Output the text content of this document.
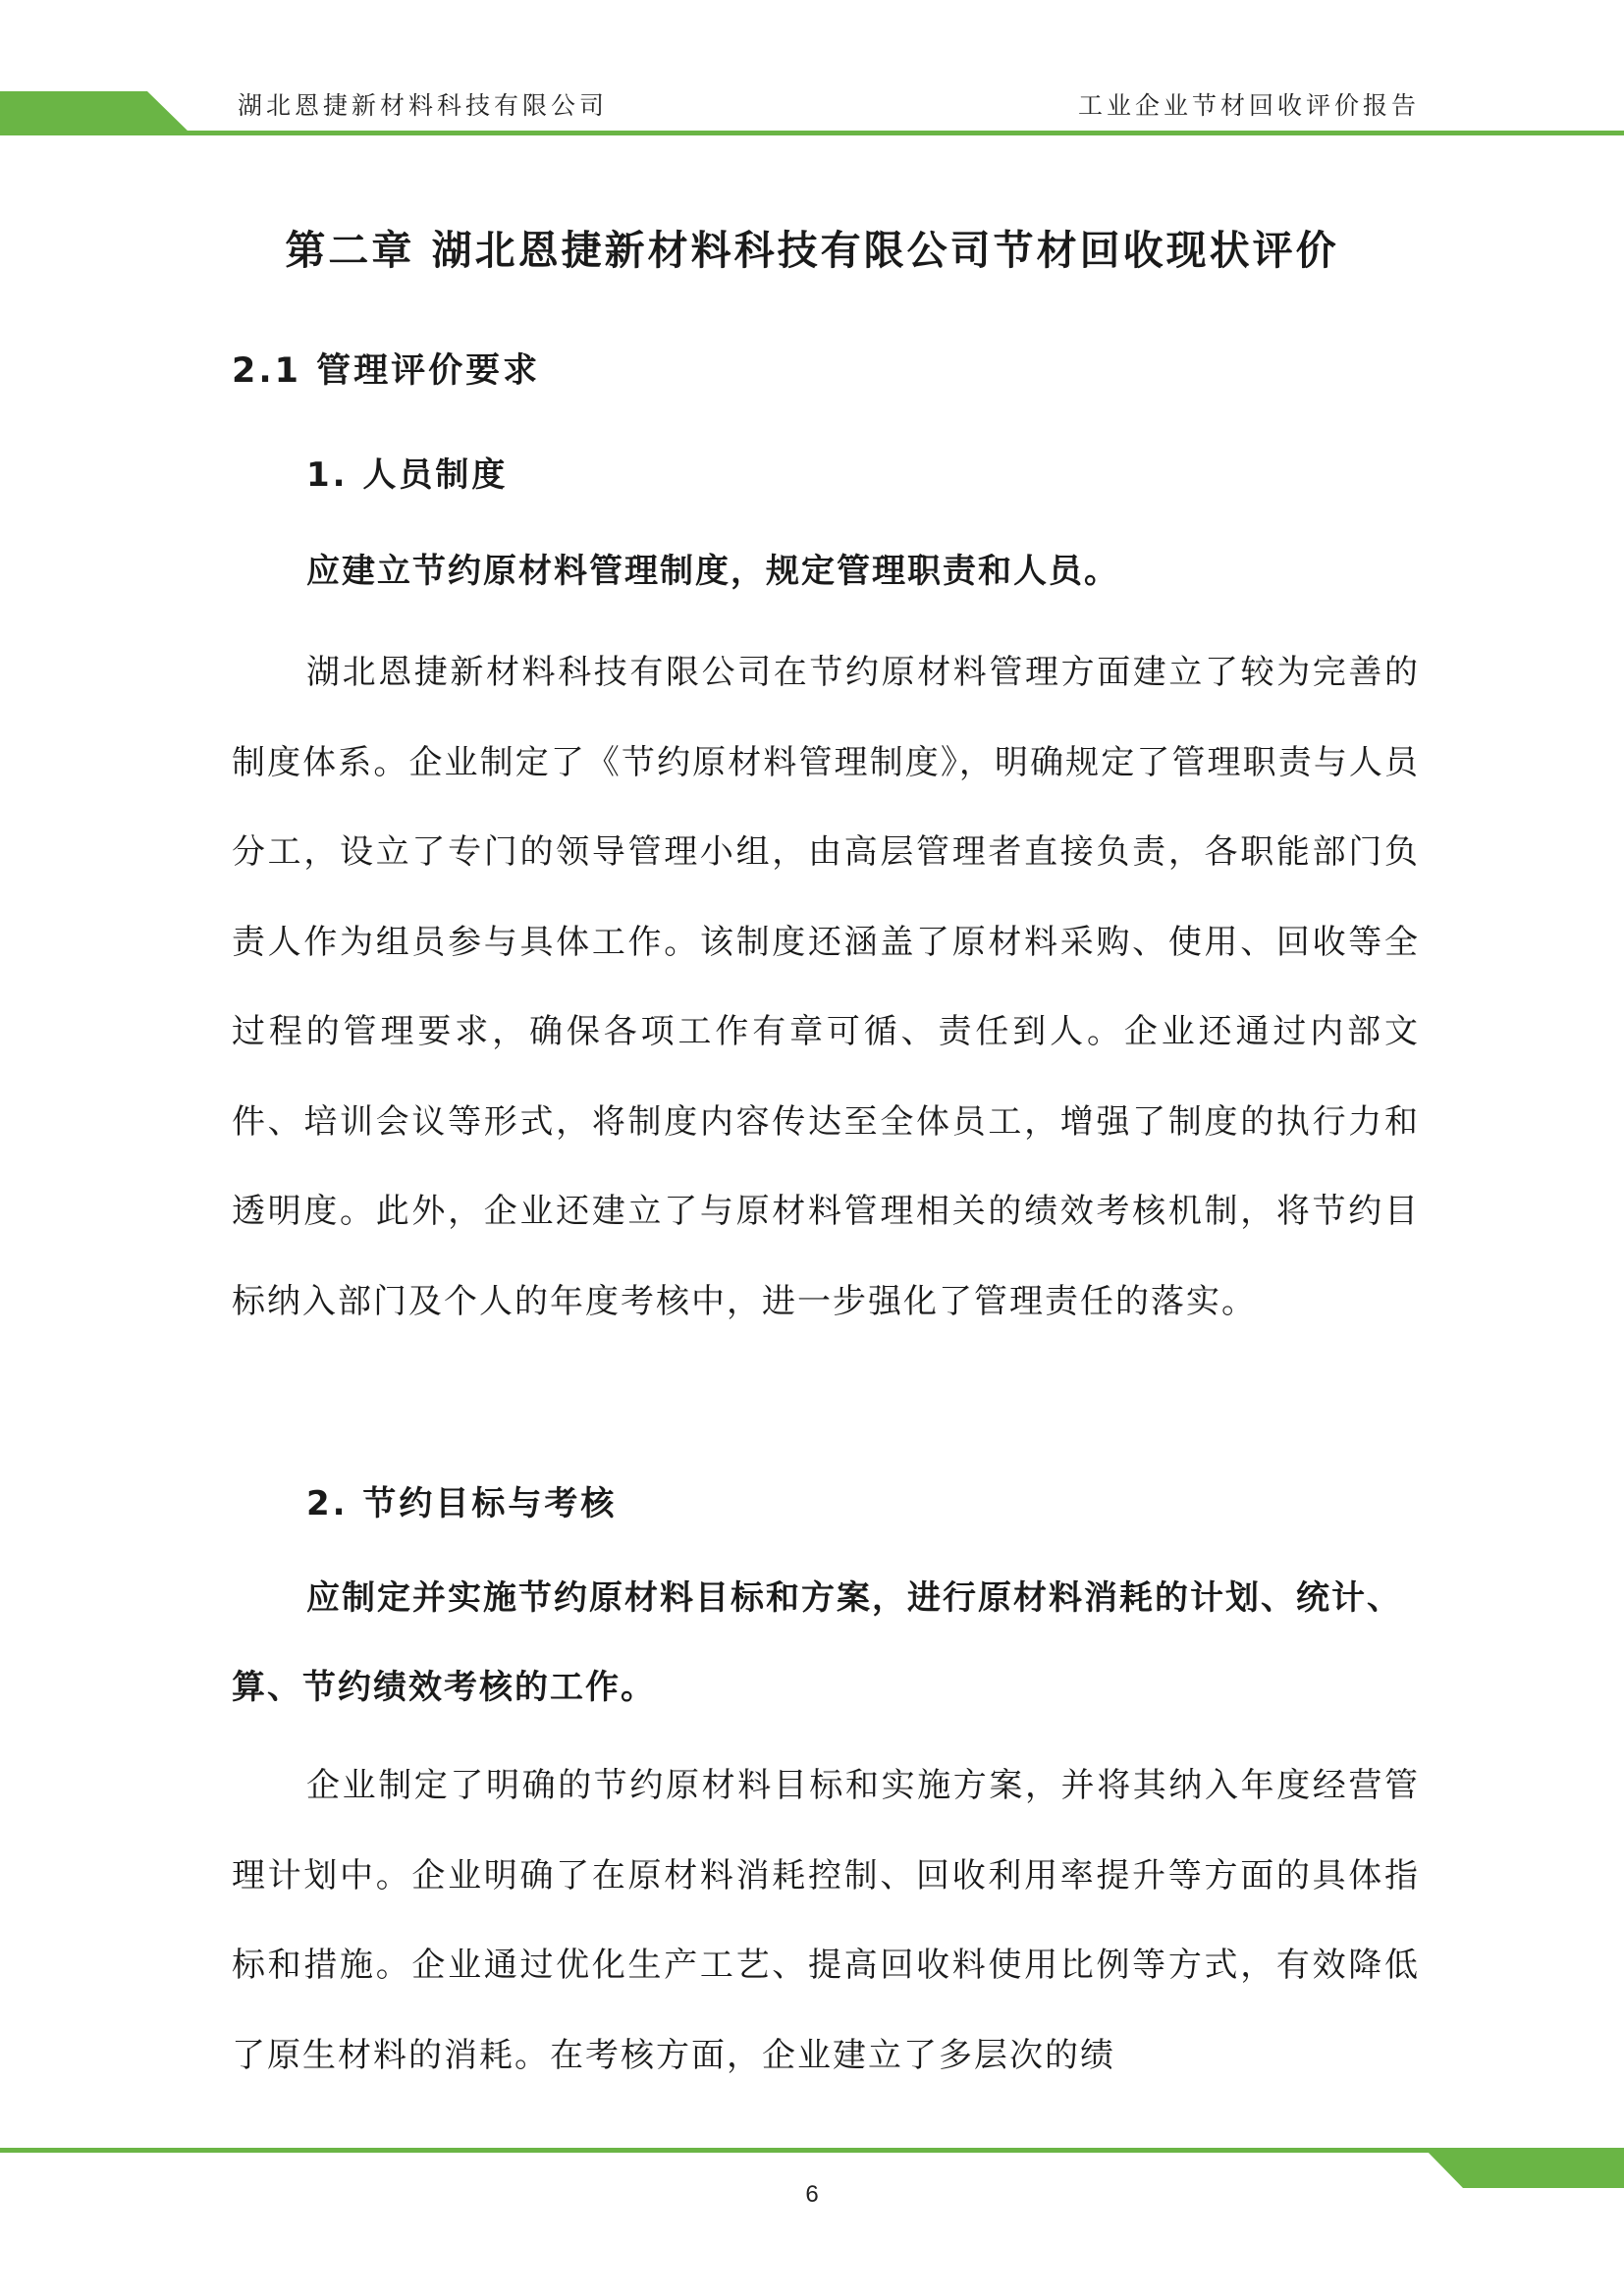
湖北恩捷新材料科技有限公司	工业企业节材回收评价报告
第二章 湖北恩捷新材料科技有限公司节材回收现状评价
2.1 管理评价要求
1. 人员制度
应建立节约原材料管理制度，规定管理职责和人员。
湖北恩捷新材料科技有限公司在节约原材料管理方面建立了较为完善的制度体系。企业制定了《节约原材料管理制度》，明确规定了管理职责与人员分工，设立了专门的领导管理小组，由高层管理者直接负责，各职能部门负责人作为组员参与具体工作。该制度还涵盖了原材料采购、使用、回收等全过程的管理要求，确保各项工作有章可循、责任到人。企业还通过内部文件、培训会议等形式，将制度内容传达至全体员工，增强了制度的执行力和透明度。此外，企业还建立了与原材料管理相关的绩效考核机制，将节约目标纳入部门及个人的年度考核中，进一步强化了管理责任的落实。
2. 节约目标与考核
应制定并实施节约原材料目标和方案，进行原材料消耗的计划、统计、算、节约绩效考核的工作。
企业制定了明确的节约原材料目标和实施方案，并将其纳入年度经营管理计划中。企业明确了在原材料消耗控制、回收利用率提升等方面的具体指标和措施。企业通过优化生产工艺、提高回收料使用比例等方式，有效降低了原生材料的消耗。在考核方面，企业建立了多层次的绩
6
